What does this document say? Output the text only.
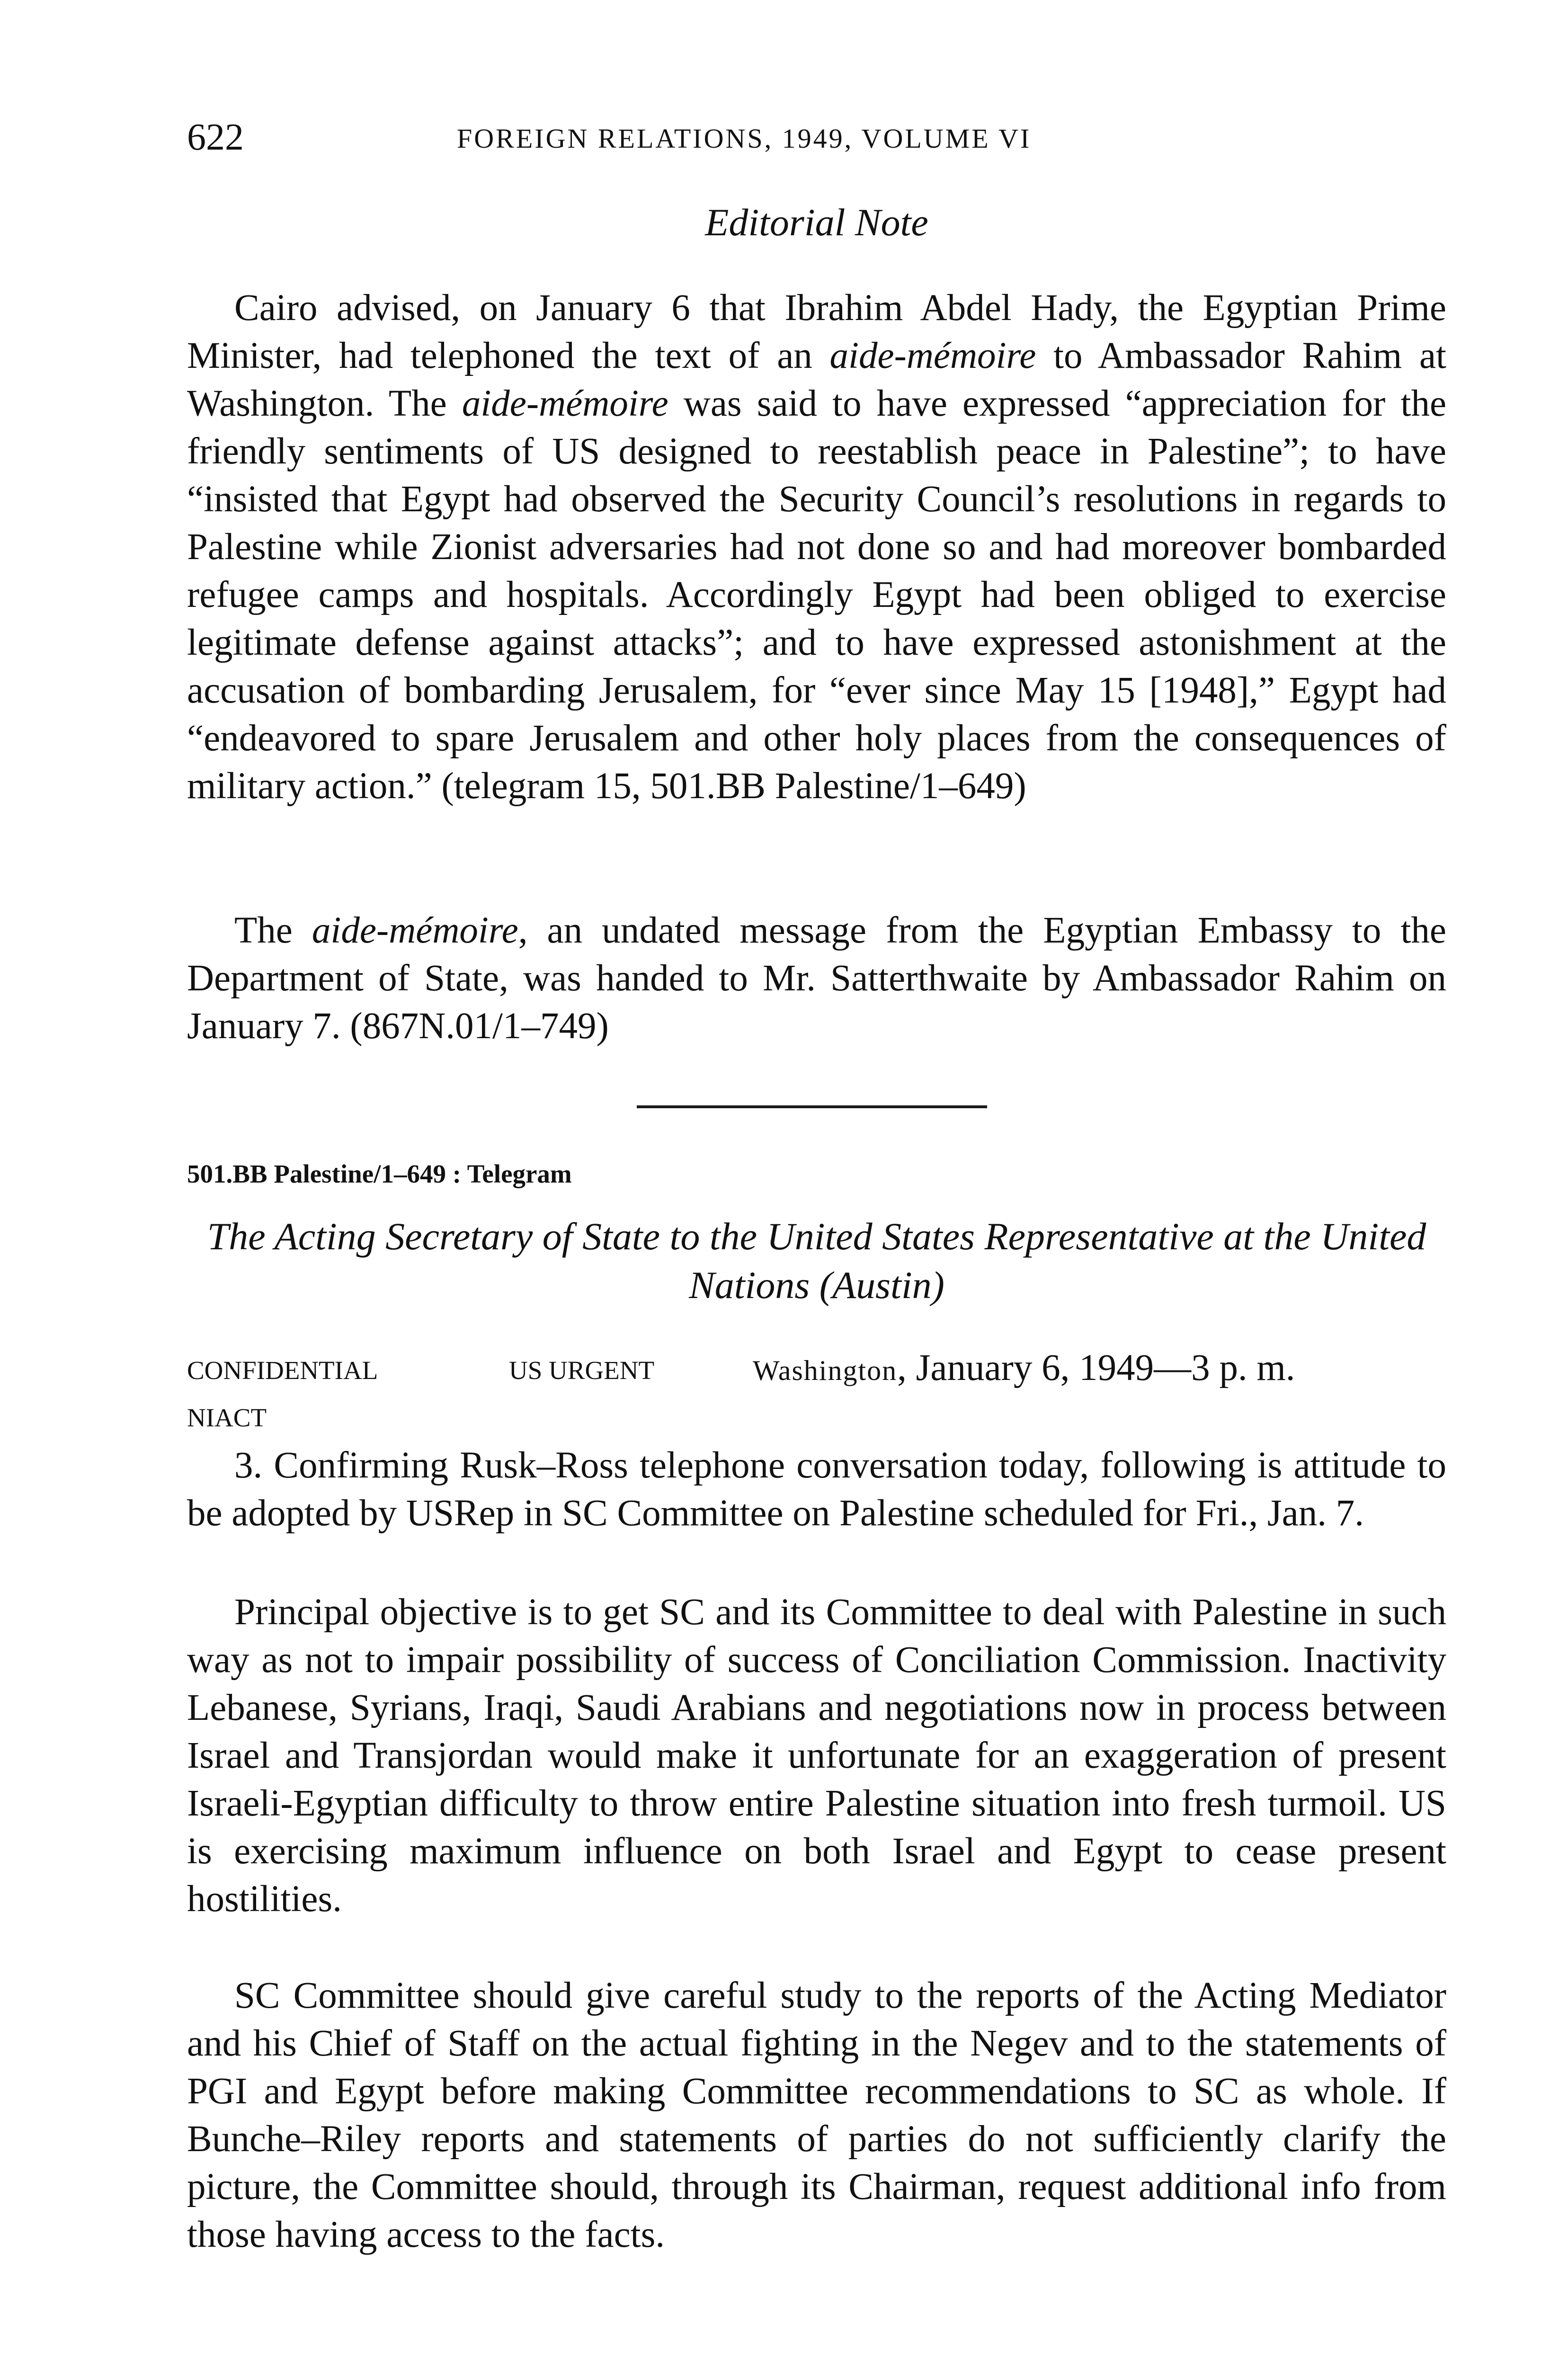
622	FOREIGN RELATIONS, 1949, VOLUME VI
Editorial Note

Cairo advised, on January 6 that Ibrahim Abdel Hady, the Egyptian Prime Minister, had telephoned the text of an aide-mémoire to Ambassador Rahim at Washington. The aide-mémoire was said to have expressed “appreciation for the friendly sentiments of US designed to reestablish peace in Palestine”; to have “insisted that Egypt had observed the Security Council’s resolutions in regards to Palestine while Zionist adversaries had not done so and had moreover bombarded refugee camps and hospitals. Accordingly Egypt had been obliged to exercise legitimate defense against attacks”; and to have expressed astonishment at the accusation of bombarding Jerusalem, for “ever since May 15 [1948],” Egypt had “endeavored to spare Jerusalem and other holy places from the consequences of military action.” (telegram 15, 501.BB Palestine/1–649)

The aide-mémoire, an undated message from the Egyptian Embassy to the Department of State, was handed to Mr. Satterthwaite by Ambassador Rahim on January 7. (867N.01/1–749)

501.BB Palestine/1–649 : Telegram
The Acting Secretary of State to the United States Representative at the United Nations (Austin)
CONFIDENTIAL	US URGENT	Washington, January 6, 1949—3 p. m.
NIACT

3. Confirming Rusk–Ross telephone conversation today, following is attitude to be adopted by USRep in SC Committee on Palestine scheduled for Fri., Jan. 7.

Principal objective is to get SC and its Committee to deal with Palestine in such way as not to impair possibility of success of Conciliation Commission. Inactivity Lebanese, Syrians, Iraqi, Saudi Arabians and negotiations now in process between Israel and Transjordan would make it unfortunate for an exaggeration of present Israeli-Egyptian difficulty to throw entire Palestine situation into fresh turmoil. US is exercising maximum influence on both Israel and Egypt to cease present hostilities.

SC Committee should give careful study to the reports of the Acting Mediator and his Chief of Staff on the actual fighting in the Negev and to the statements of PGI and Egypt before making Committee recommendations to SC as whole. If Bunche–Riley reports and statements of parties do not sufficiently clarify the picture, the Committee should, through its Chairman, request additional info from those having access to the facts.
